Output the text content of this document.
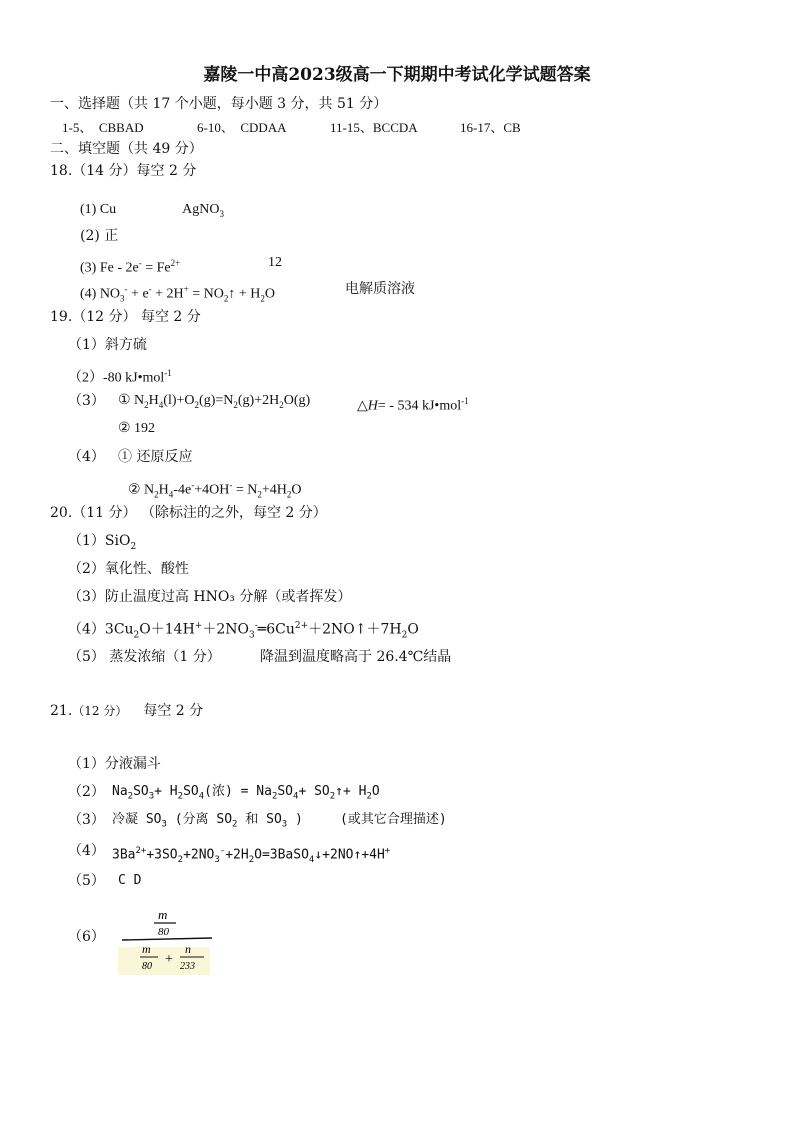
嘉陵一中高2023级高一下期期中考试化学试题答案
一、选择题（共 17 个小题，每小题 3 分，共 51 分）
1-5、 CBBAD	6-10、 CDDAA	11-15、BCCDA	16-17、CB
二、填空题（共 49 分）
18.（14 分）每空 2 分
(1) Cu	AgNO$_3$
(2) 正
(3) $Fe - 2e^- = Fe^{2+}$	12
(4) $NO_3^- + e^- + 2H^+$ = $NO_2↑ + H_2O$	电解质溶液
19.（12 分） 每空 2 分
（1）斜方硫
（2）-80 kJ•mol$^{-1}$
（3） ① $N_2H_4(l)+O_2(g)=N_2(g)+2H_2O(g)$	△H= - 534 kJ•mol$^{-1}$
② 192
（4） ① 还原反应
② $N_2H_4-4e^-+4OH^- = N_2+4H_2O$
20.（11 分） （除标注的之外，每空 2 分）
（1）SiO$_2$
（2）氧化性、酸性
（3）防止温度过高 HNO₃ 分解（或者挥发）
$(4)3Cu_2O+14H^++2NO_3^-═6Cu^{2+}+2NO↑+7H_2O$
（5） 蒸发浓缩（1 分）	降温到温度略高于 26.4℃结晶
21.（12 分） 每空 2 分
（1）分液漏斗
（2） $Na_2SO_3+ H_2SO_4$(浓) = $Na_2SO_4+$ $SO_2↑+ H_2O$
（3） 冷凝 $SO_3$ (分离 $SO_2$ 和 $SO_3$ )	(或其它合理描述)
（4） $3Ba^{2+}+3SO_2+2NO_3^-+2H_2O=3BaSO_4↓+2NO↑+4H^+$
（5） C D
（6）
m
80
m
80 +
n
233
